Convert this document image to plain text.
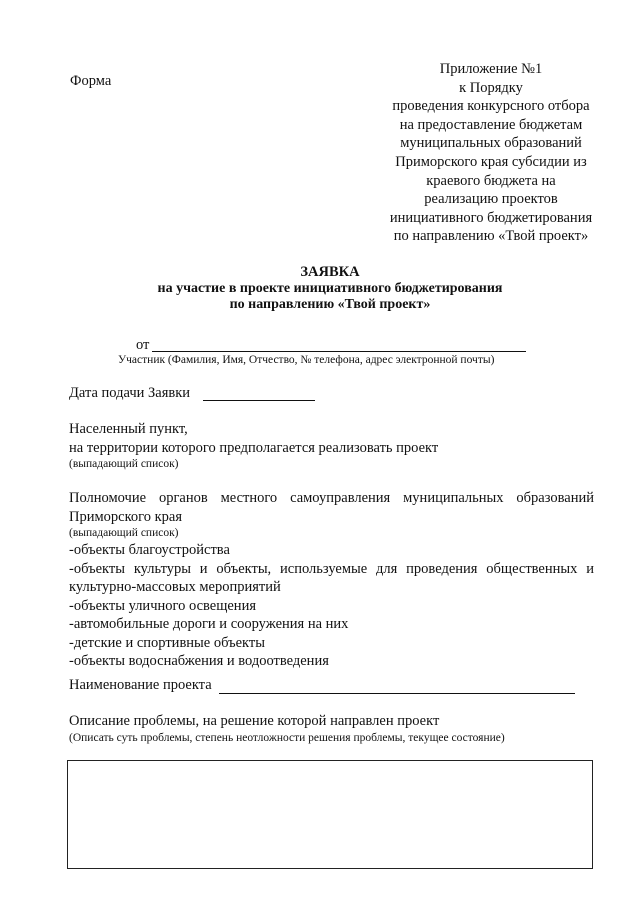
Форма
Приложение №1
к Порядку
проведения конкурсного отбора
на предоставление бюджетам
муниципальных образований
Приморского края субсидии из
краевого бюджета на
реализацию проектов
инициативного бюджетирования
по направлению «Твой проект»
ЗАЯВКА
на участие в проекте инициативного бюджетирования
по направлению «Твой проект»
от
Участник (Фамилия, Имя, Отчество, № телефона, адрес электронной почты)
Дата подачи Заявки
Населенный пункт,
на территории которого предполагается реализовать проект
(выпадающий список)
Полномочие органов местного самоуправления муниципальных образований
Приморского края
(выпадающий список)
-объекты благоустройства
-объекты культуры и объекты, используемые для проведения общественных и
культурно-массовых мероприятий
-объекты уличного освещения
-автомобильные дороги и сооружения на них
-детские и спортивные объекты
-объекты водоснабжения и водоотведения
Наименование проекта
Описание проблемы, на решение которой направлен проект
(Описать суть проблемы, степень неотложности решения проблемы, текущее состояние)
